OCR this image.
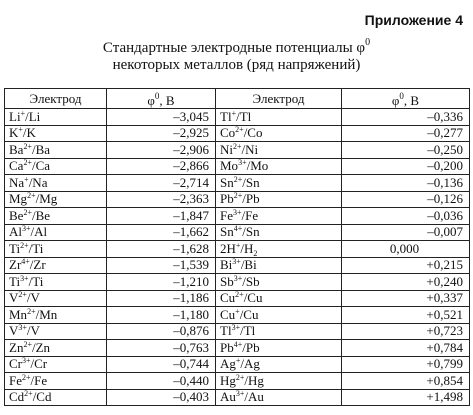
Приложение 4
Стандартные электродные потенциалы $\varphi^0$
некоторых металлов (ряд напряжений)
Электрод	$\varphi^0$, В	Электрод	$\varphi^0$, В
Li+/Li	–3,045	Tl+/Tl	–0,336
K+/K	–2,925	$Co^{2+}/Co$	–0,277
$Ba^{2+}/Ba$	–2,906	$Ni^{2+}/Ni$	–0,250
$Ca^{2+}/Ca$	–2,866	$Mo^{3+}/Mo$	–0,200
Na+/Na	–2,714	$Sn^{2+}/Sn$	–0,136
$Mg^{2+}/Mg$	–2,363	$Pb^{2+}/Pb$	–0,126
$Be^{2+}/Be$	–1,847	$Fe^{3+}/Fe$	–0,036
$Al^{3+}/Al$	–1,662	$Sn^{4+}/Sn$	–0,007
$Ti^{2+}/Ti$	–1,628	$2H^+/H_2$	0,000
$Zr^{4+}/Zr$	–1,539	$Bi^{3+}/Bi$	+0,215
$Ti^{3+}/Ti$	–1,210	$Sb^{3+}/Sb$	+0,240
$V^{2+}/V$	–1,186	$Cu^{2+}/Cu$	+0,337
$Mn^{2+}/Mn$	–1,180	Cu+/Cu	+0,521
$V^{3+}/V$	–0,876	$Tl^{3+}/Tl$	+0,723
$Zn^{2+}/Zn$	–0,763	$Pb^{4+}/Pb$	+0,784
$Cr^{3+}/Cr$	–0,744	Ag+/Ag	+0,799
$Fe^{2+}/Fe$	–0,440	$Hg^{2+}/Hg$	+0,854
$Cd^{2+}/Cd$	–0,403	$Au^{3+}/Au$	+1,498
